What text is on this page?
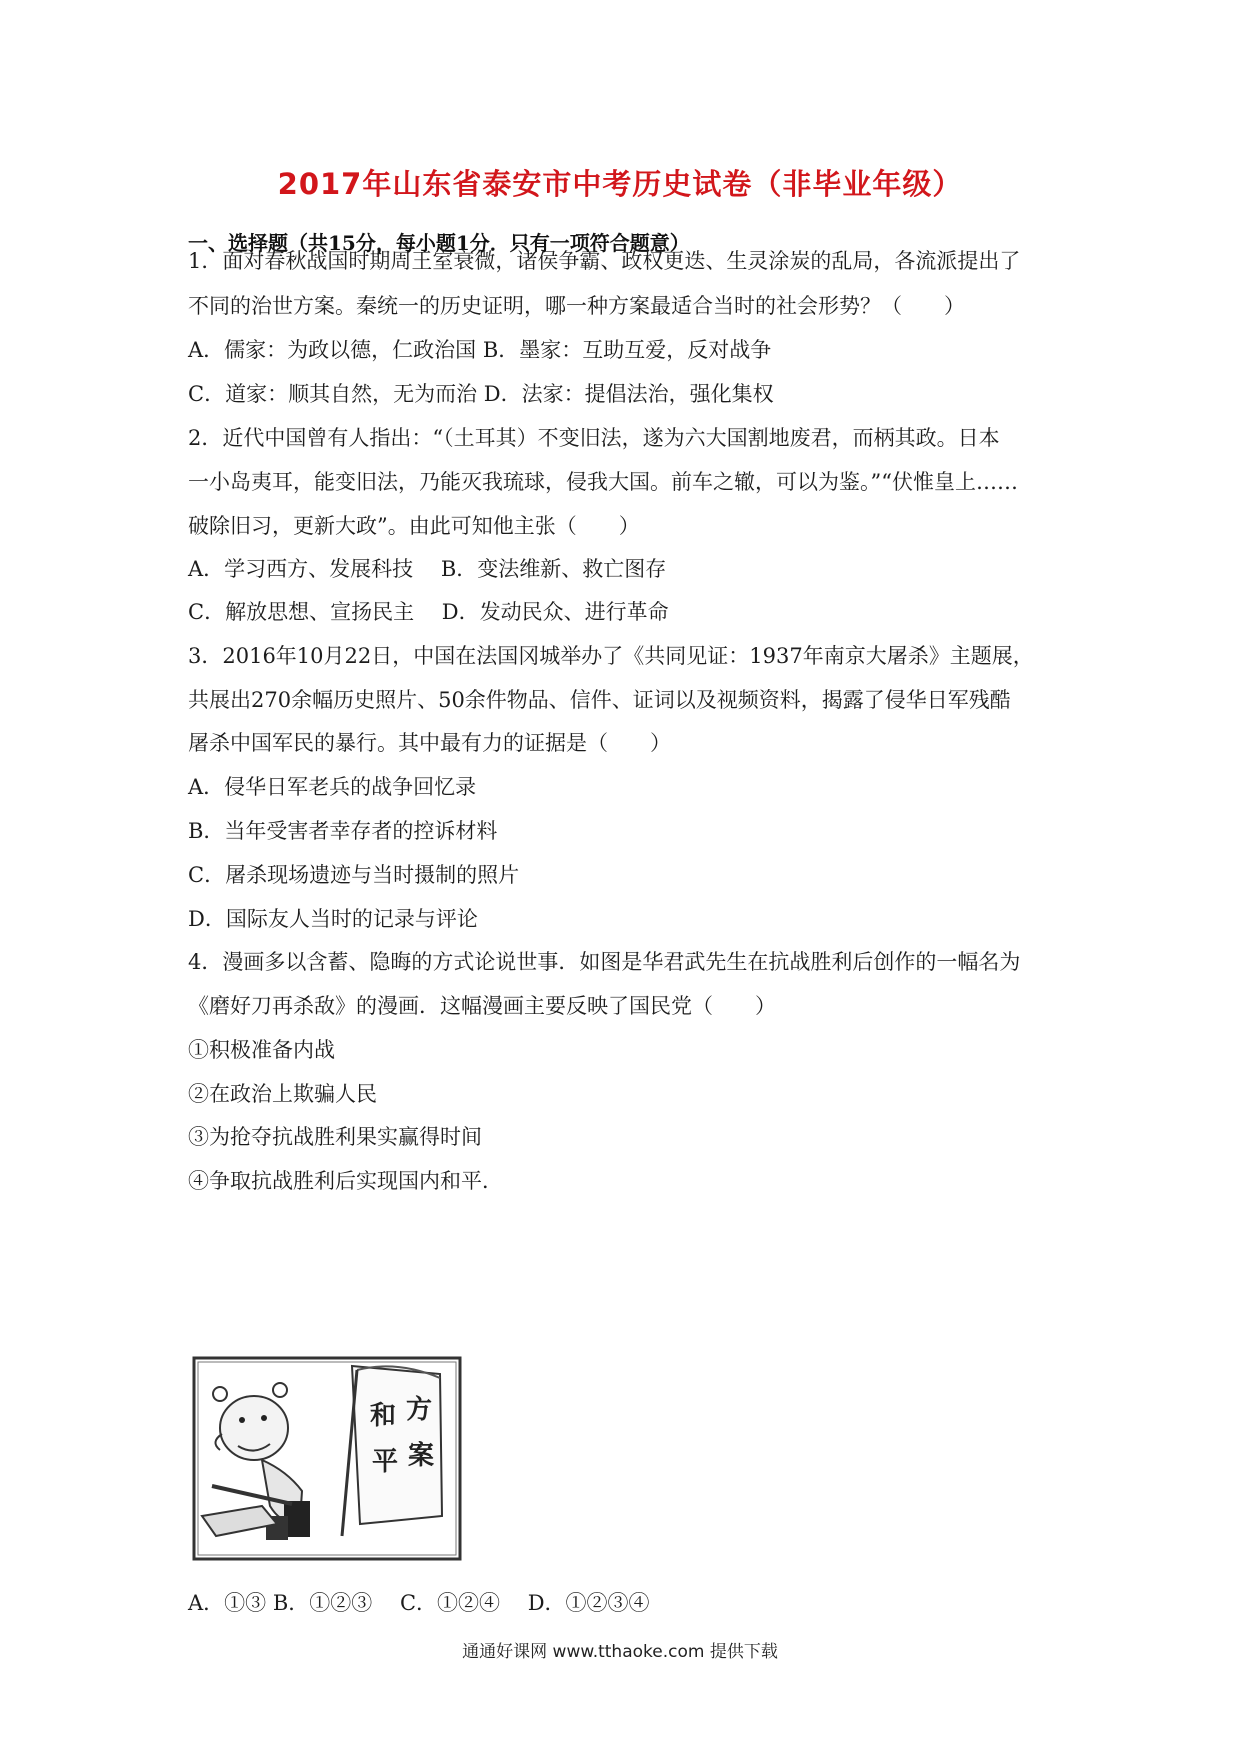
2017年山东省泰安市中考历史试卷（非毕业年级）
一、选择题（共15分，每小题1分．只有一项符合题意）
1．面对春秋战国时期周王室衰微，诸侯争霸、政权更迭、生灵涂炭的乱局，各流派提出了
不同的治世方案。秦统一的历史证明，哪一种方案最适合当时的社会形势？（　　）
A．儒家：为政以德，仁政治国 B．墨家：互助互爱，反对战争
C．道家：顺其自然，无为而治 D．法家：提倡法治，强化集权
2．近代中国曾有人指出：“（土耳其）不变旧法，遂为六大国割地废君，而柄其政。日本
一小岛夷耳，能变旧法，乃能灭我琉球，侵我大国。前车之辙，可以为鉴。”“伏惟皇上……
破除旧习，更新大政”。由此可知他主张（　　）
A．学习西方、发展科技　 B．变法维新、救亡图存
C．解放思想、宣扬民主　 D．发动民众、进行革命
3．2016年10月22日，中国在法国冈城举办了《共同见证：1937年南京大屠杀》主题展，
共展出270余幅历史照片、50余件物品、信件、证词以及视频资料，揭露了侵华日军残酷
屠杀中国军民的暴行。其中最有力的证据是（　　）
A．侵华日军老兵的战争回忆录
B．当年受害者幸存者的控诉材料
C．屠杀现场遗迹与当时摄制的照片
D．国际友人当时的记录与评论
4．漫画多以含蓄、隐晦的方式论说世事．如图是华君武先生在抗战胜利后创作的一幅名为
《磨好刀再杀敌》的漫画．这幅漫画主要反映了国民党（　　）
①积极准备内战
②在政治上欺骗人民
③为抢夺抗战胜利果实赢得时间
④争取抗战胜利后实现国内和平．
和 方
平 案
A．①③ B．①②③　 C．①②④　 D．①②③④
通通好课网 www.tthaoke.com 提供下载
